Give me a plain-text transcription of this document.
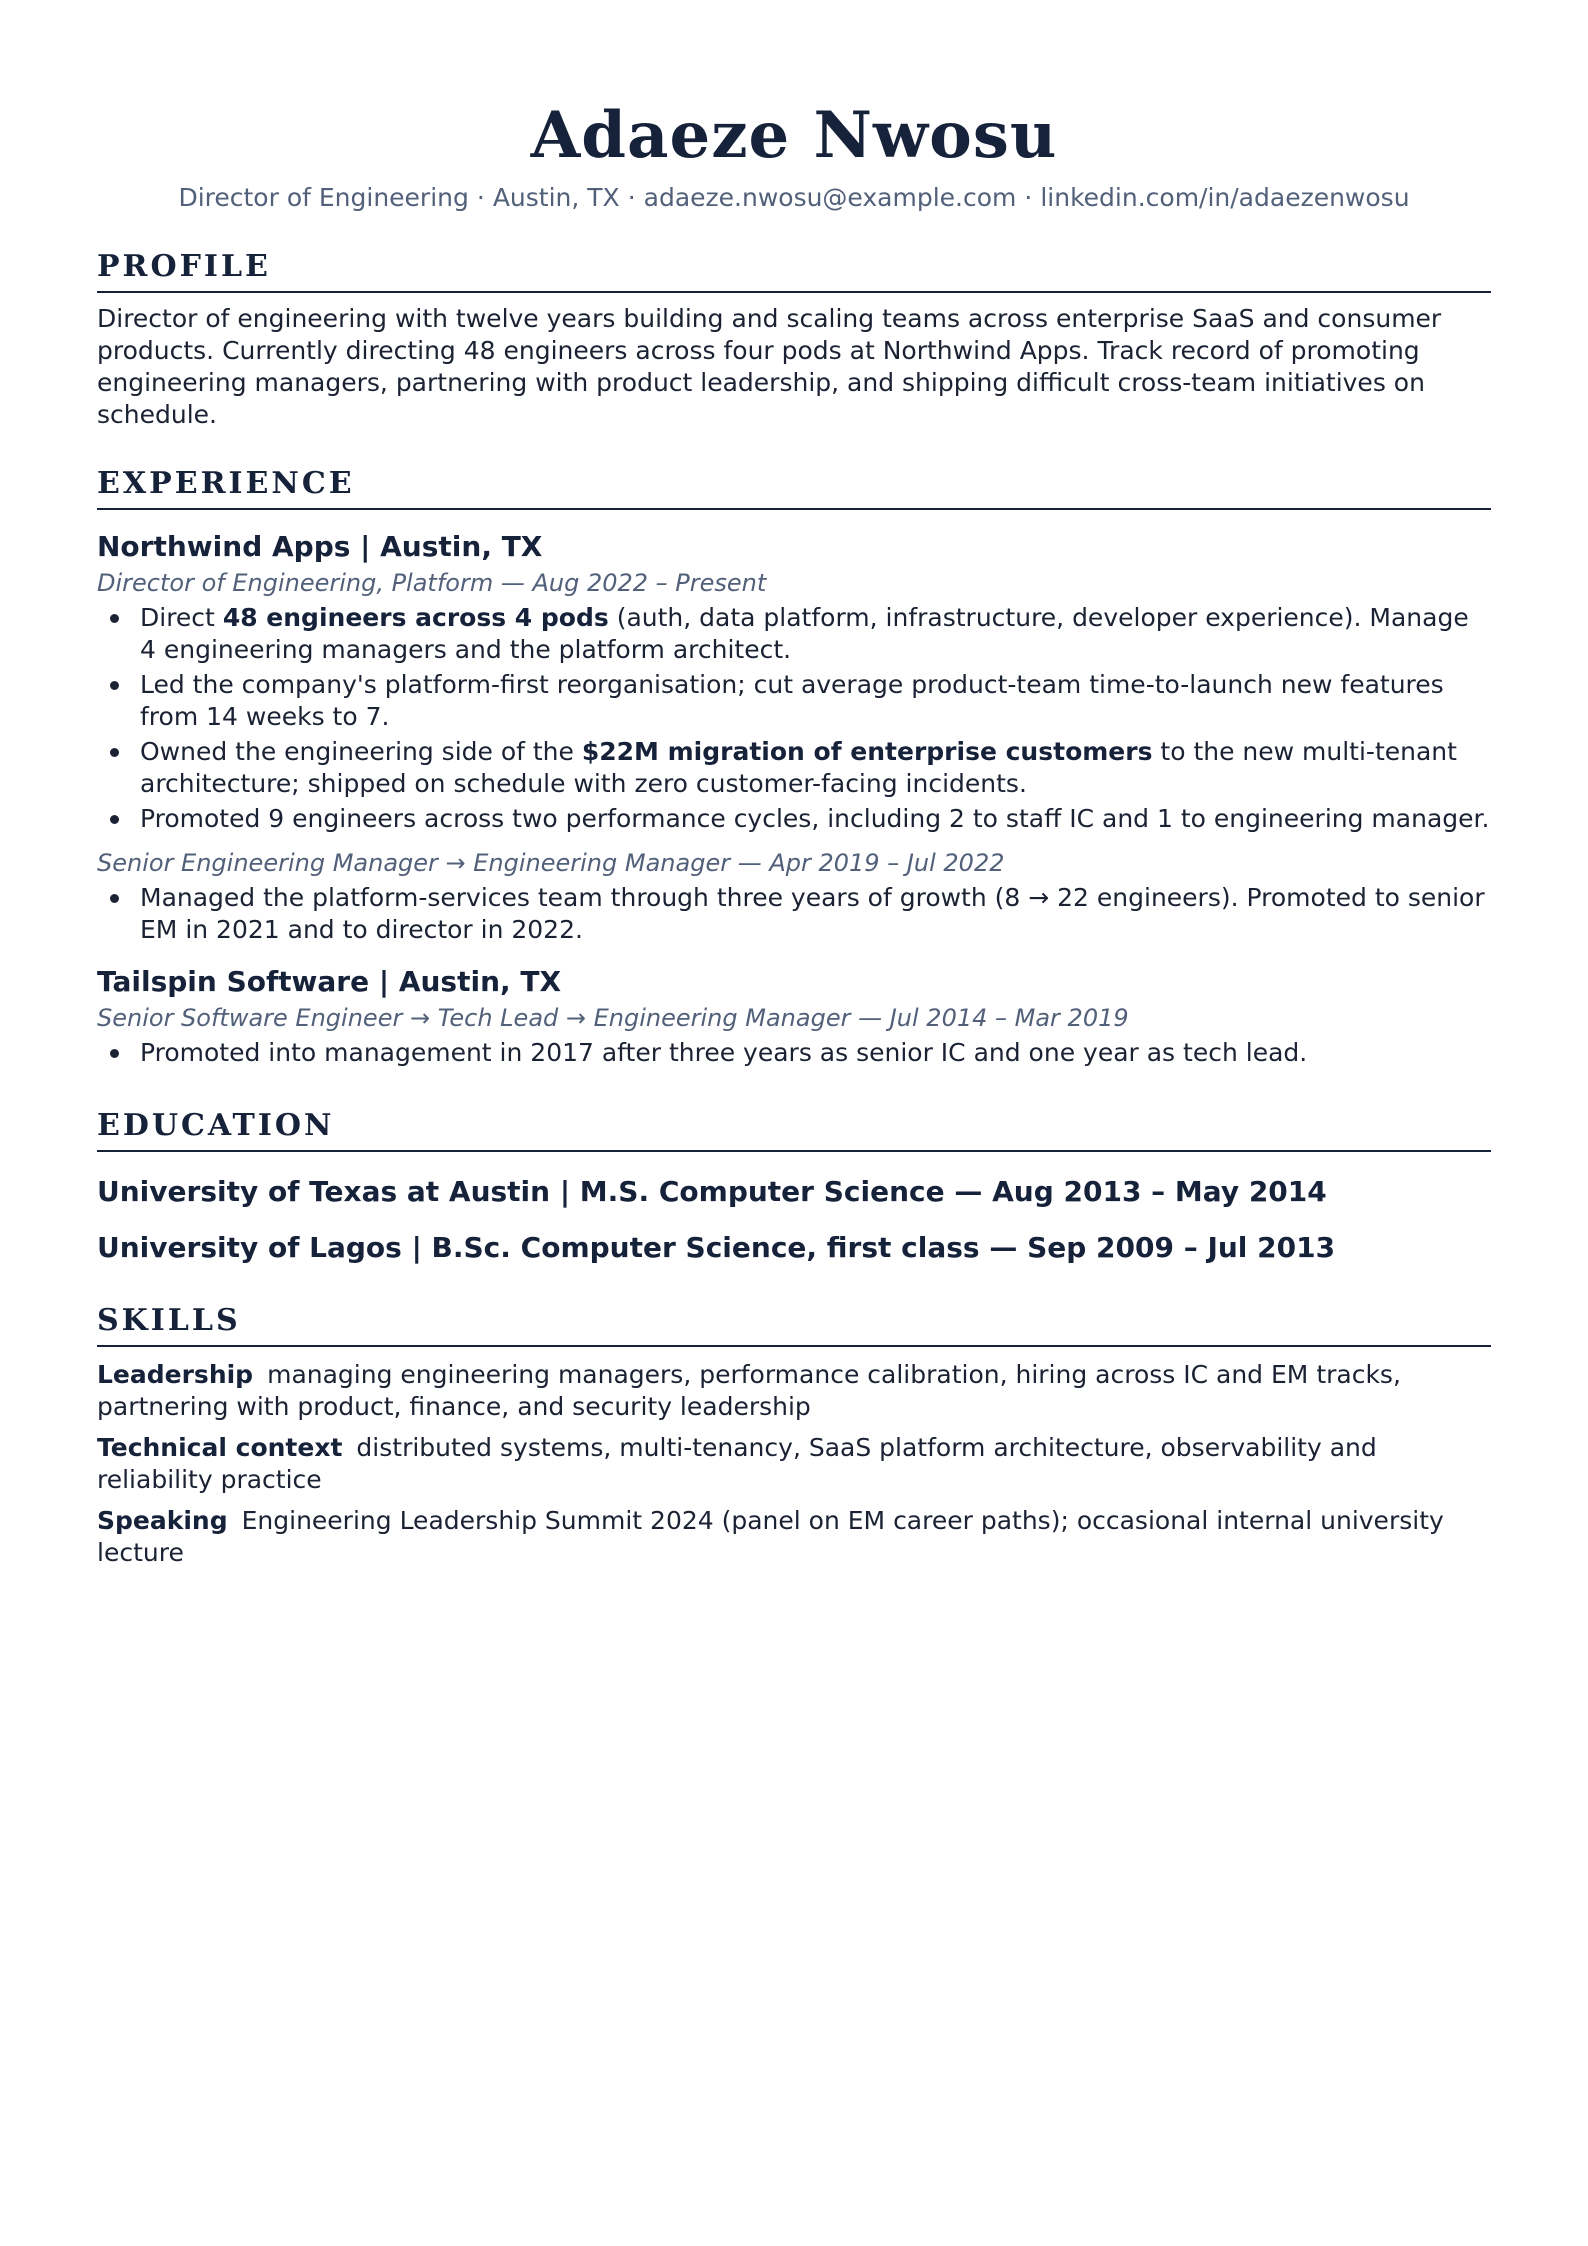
Adaeze Nwosu
Director of Engineering · Austin, TX · adaeze.nwosu@example.com · linkedin.com/in/adaezenwosu
PROFILE
Director of engineering with twelve years building and scaling teams across enterprise SaaS and consumer products. Currently directing 48 engineers across four pods at Northwind Apps. Track record of promoting engineering managers, partnering with product leadership, and shipping difficult cross-team initiatives on schedule.
EXPERIENCE
Northwind Apps | Austin, TX
Director of Engineering, Platform — Aug 2022 – Present
Direct 48 engineers across 4 pods (auth, data platform, infrastructure, developer experience). Manage 4 engineering managers and the platform architect.
Led the company's platform-first reorganisation; cut average product-team time-to-launch new features from 14 weeks to 7.
Owned the engineering side of the $22M migration of enterprise customers to the new multi-tenant architecture; shipped on schedule with zero customer-facing incidents.
Promoted 9 engineers across two performance cycles, including 2 to staff IC and 1 to engineering manager.
Senior Engineering Manager → Engineering Manager — Apr 2019 – Jul 2022
Managed the platform-services team through three years of growth (8 → 22 engineers). Promoted to senior EM in 2021 and to director in 2022.
Tailspin Software | Austin, TX
Senior Software Engineer → Tech Lead → Engineering Manager — Jul 2014 – Mar 2019
Promoted into management in 2017 after three years as senior IC and one year as tech lead.
EDUCATION
University of Texas at Austin | M.S. Computer Science — Aug 2013 – May 2014
University of Lagos | B.Sc. Computer Science, first class — Sep 2009 – Jul 2013
SKILLS
Leadership managing engineering managers, performance calibration, hiring across IC and EM tracks, partnering with product, finance, and security leadership
Technical context distributed systems, multi-tenancy, SaaS platform architecture, observability and reliability practice
Speaking Engineering Leadership Summit 2024 (panel on EM career paths); occasional internal university lecture
